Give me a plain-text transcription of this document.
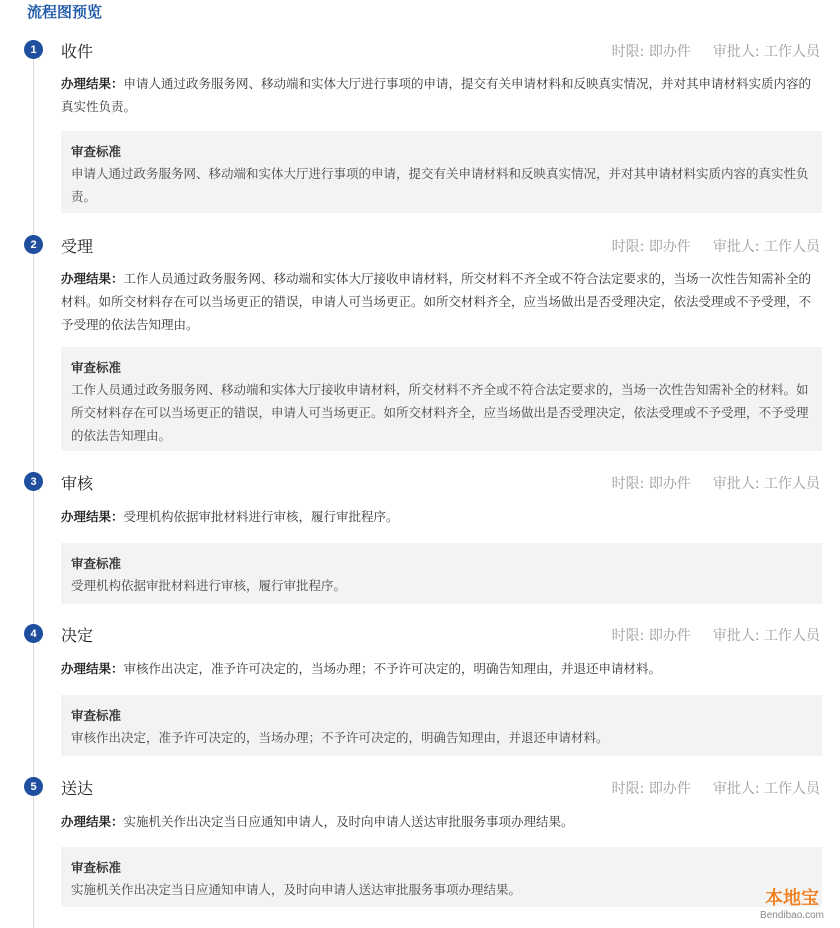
流程图预览
1	收件	时限: 即办件 审批人: 工作人员
办理结果：申请人通过政务服务网、移动端和实体大厅进行事项的申请，提交有关申请材料和反映真实情况，并对其申请材料实质内容的真实性负责。
审查标准
申请人通过政务服务网、移动端和实体大厅进行事项的申请，提交有关申请材料和反映真实情况，并对其申请材料实质内容的真实性负责。
2	受理	时限: 即办件 审批人: 工作人员
办理结果：工作人员通过政务服务网、移动端和实体大厅接收申请材料，所交材料不齐全或不符合法定要求的，当场一次性告知需补全的材料。如所交材料存在可以当场更正的错误，申请人可当场更正。如所交材料齐全，应当场做出是否受理决定，依法受理或不予受理，不予受理的依法告知理由。
审查标准
工作人员通过政务服务网、移动端和实体大厅接收申请材料，所交材料不齐全或不符合法定要求的，当场一次性告知需补全的材料。如所交材料存在可以当场更正的错误，申请人可当场更正。如所交材料齐全，应当场做出是否受理决定，依法受理或不予受理，不予受理的依法告知理由。
3	审核	时限: 即办件 审批人: 工作人员
办理结果：受理机构依据审批材料进行审核，履行审批程序。
审查标准
受理机构依据审批材料进行审核，履行审批程序。
4	决定	时限: 即办件 审批人: 工作人员
办理结果：审核作出决定，准予许可决定的，当场办理；不予许可决定的，明确告知理由，并退还申请材料。
审查标准
审核作出决定，准予许可决定的，当场办理；不予许可决定的，明确告知理由，并退还申请材料。
5	送达	时限: 即办件 审批人: 工作人员
办理结果：实施机关作出决定当日应通知申请人，及时向申请人送达审批服务事项办理结果。
审查标准
实施机关作出决定当日应通知申请人，及时向申请人送达审批服务事项办理结果。	本地宝
Bendibao.com
